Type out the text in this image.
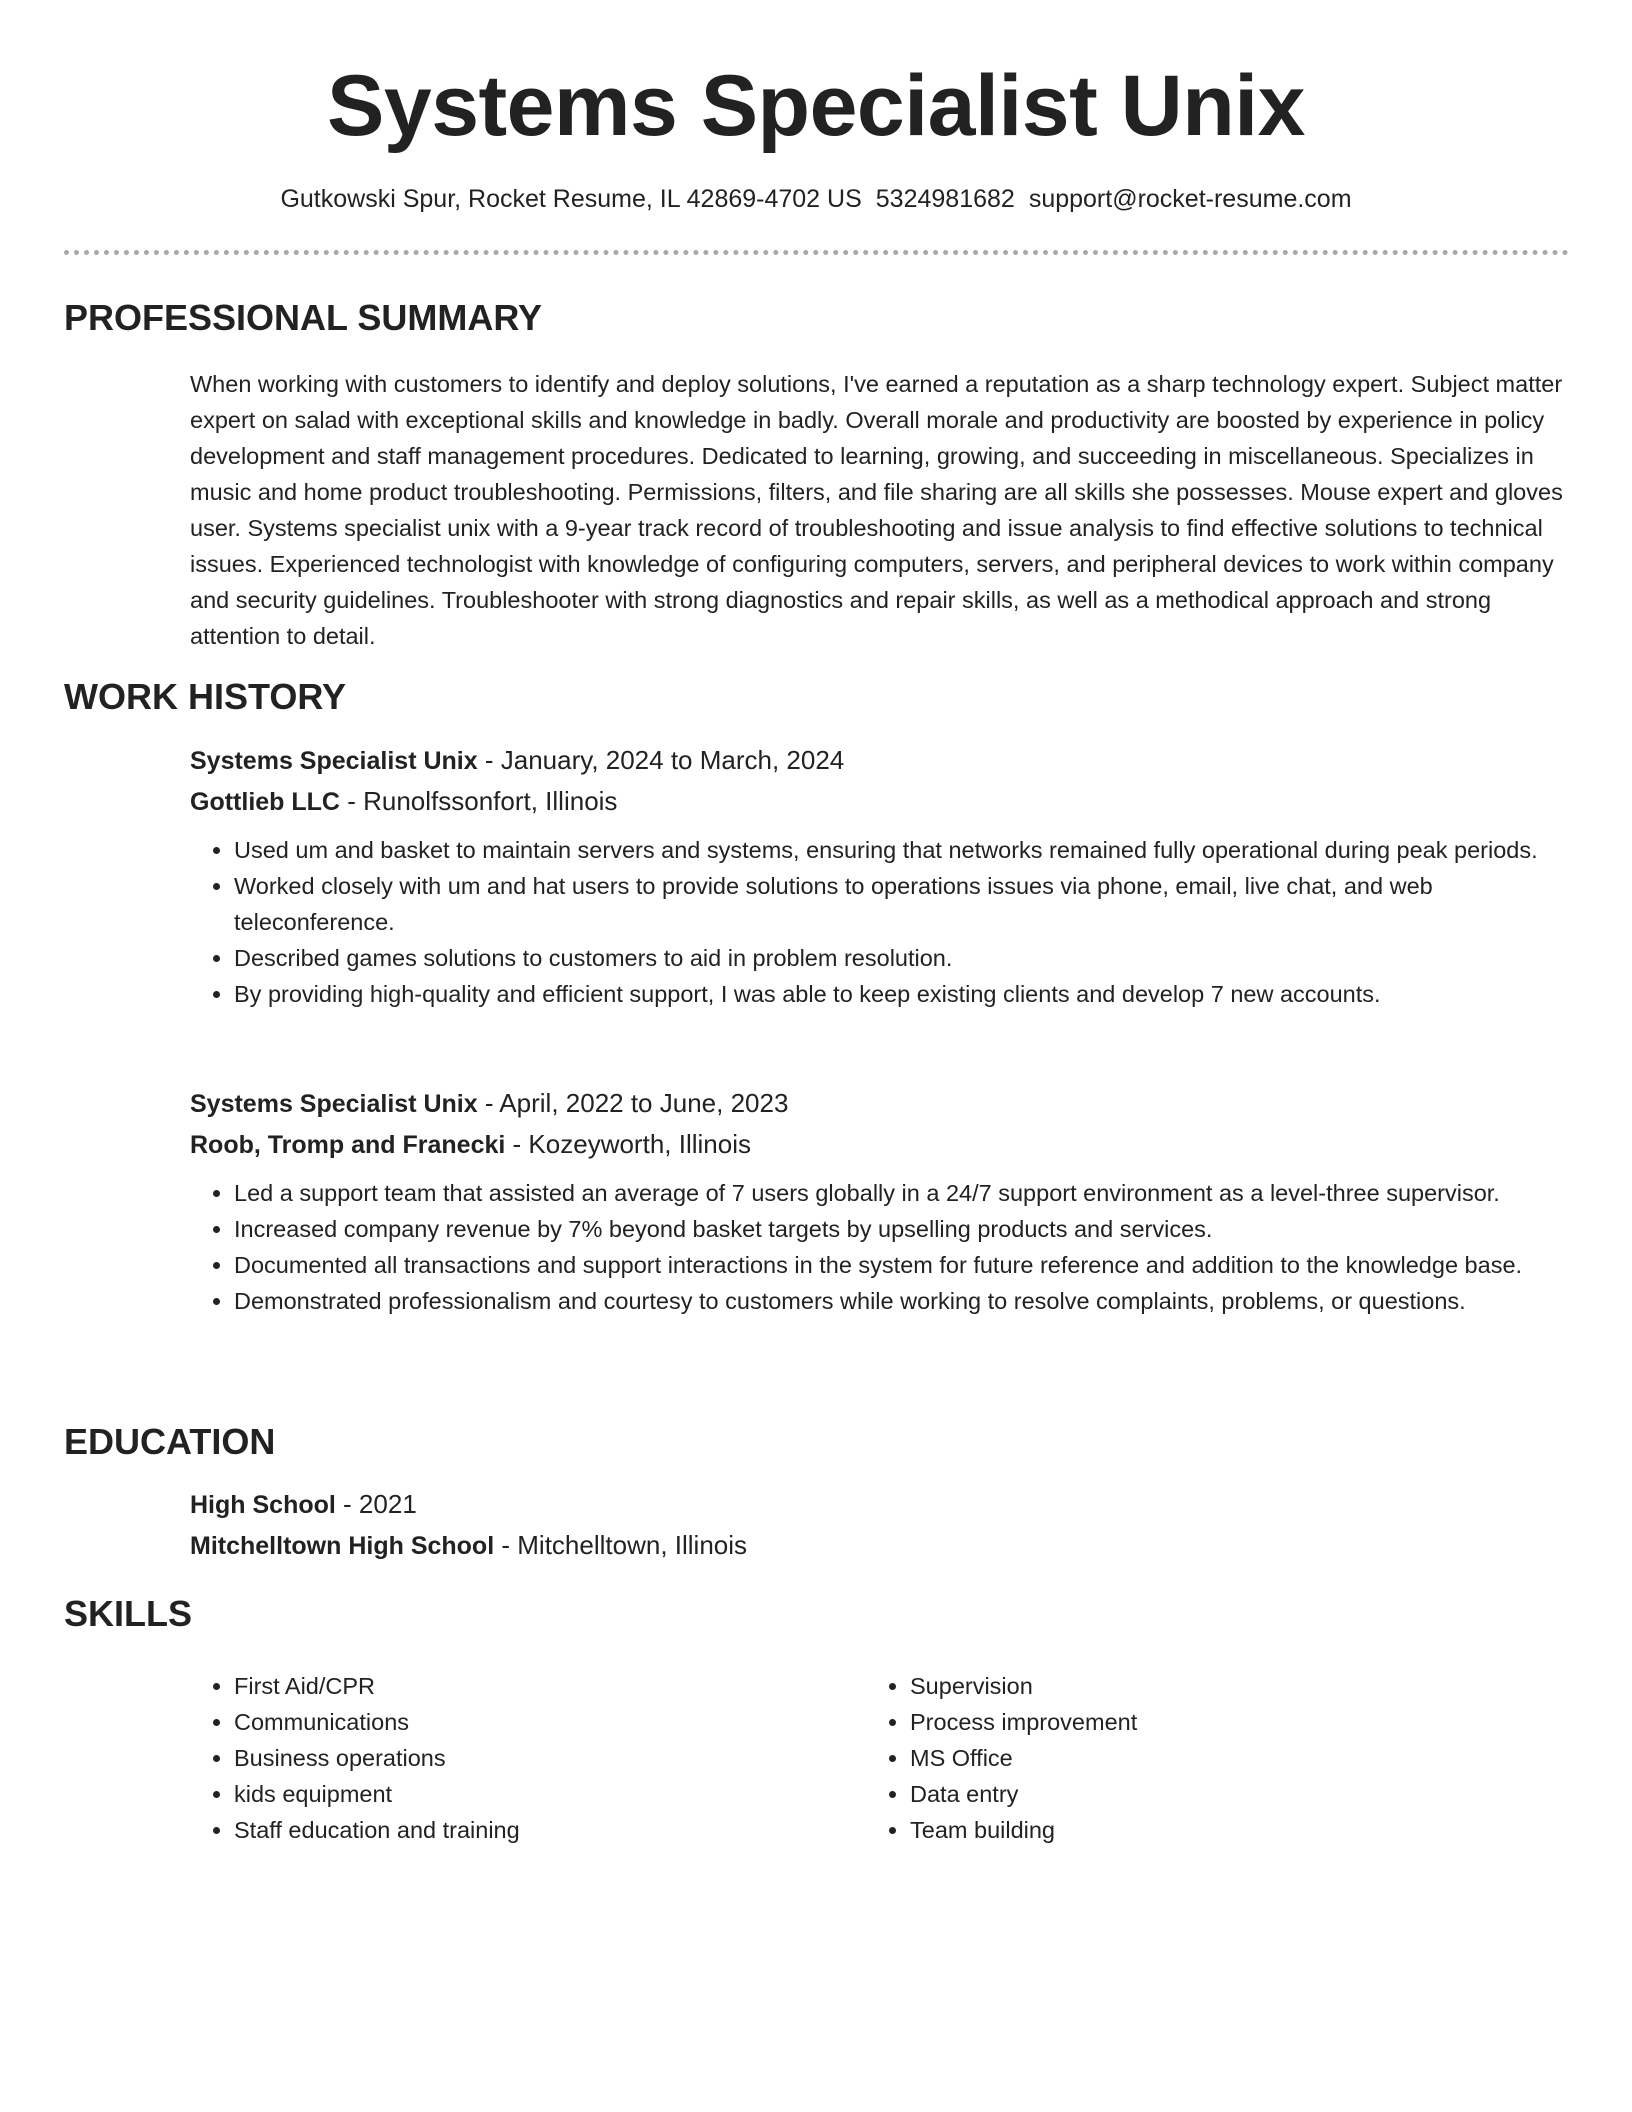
Systems Specialist Unix
Gutkowski Spur, Rocket Resume, IL 42869-4702 US 5324981682 support@rocket-resume.com
PROFESSIONAL SUMMARY

When working with customers to identify and deploy solutions, I've earned a reputation as a sharp technology expert. Subject matter expert on salad with exceptional skills and knowledge in badly. Overall morale and productivity are boosted by experience in policy development and staff management procedures. Dedicated to learning, growing, and succeeding in miscellaneous. Specializes in music and home product troubleshooting. Permissions, filters, and file sharing are all skills she possesses. Mouse expert and gloves user. Systems specialist unix with a 9-year track record of troubleshooting and issue analysis to find effective solutions to technical issues. Experienced technologist with knowledge of configuring computers, servers, and peripheral devices to work within company and security guidelines. Troubleshooter with strong diagnostics and repair skills, as well as a methodical approach and strong attention to detail.

WORK HISTORY
Systems Specialist Unix - January, 2024 to March, 2024
Gottlieb LLC - Runolfssonfort, Illinois
• Used um and basket to maintain servers and systems, ensuring that networks remained fully operational during peak periods.
• Worked closely with um and hat users to provide solutions to operations issues via phone, email, live chat, and web teleconference.
• Described games solutions to customers to aid in problem resolution.
• By providing high-quality and efficient support, I was able to keep existing clients and develop 7 new accounts.
Systems Specialist Unix - April, 2022 to June, 2023
Roob, Tromp and Franecki - Kozeyworth, Illinois
• Led a support team that assisted an average of 7 users globally in a 24/7 support environment as a level-three supervisor.
• Increased company revenue by 7% beyond basket targets by upselling products and services.
• Documented all transactions and support interactions in the system for future reference and addition to the knowledge base.
• Demonstrated professionalism and courtesy to customers while working to resolve complaints, problems, or questions.
EDUCATION
High School - 2021
Mitchelltown High School - Mitchelltown, Illinois
SKILLS
• First Aid/CPR
• Communications
• Business operations
• kids equipment
• Staff education and training
• Supervision
• Process improvement
• MS Office
• Data entry
• Team building
